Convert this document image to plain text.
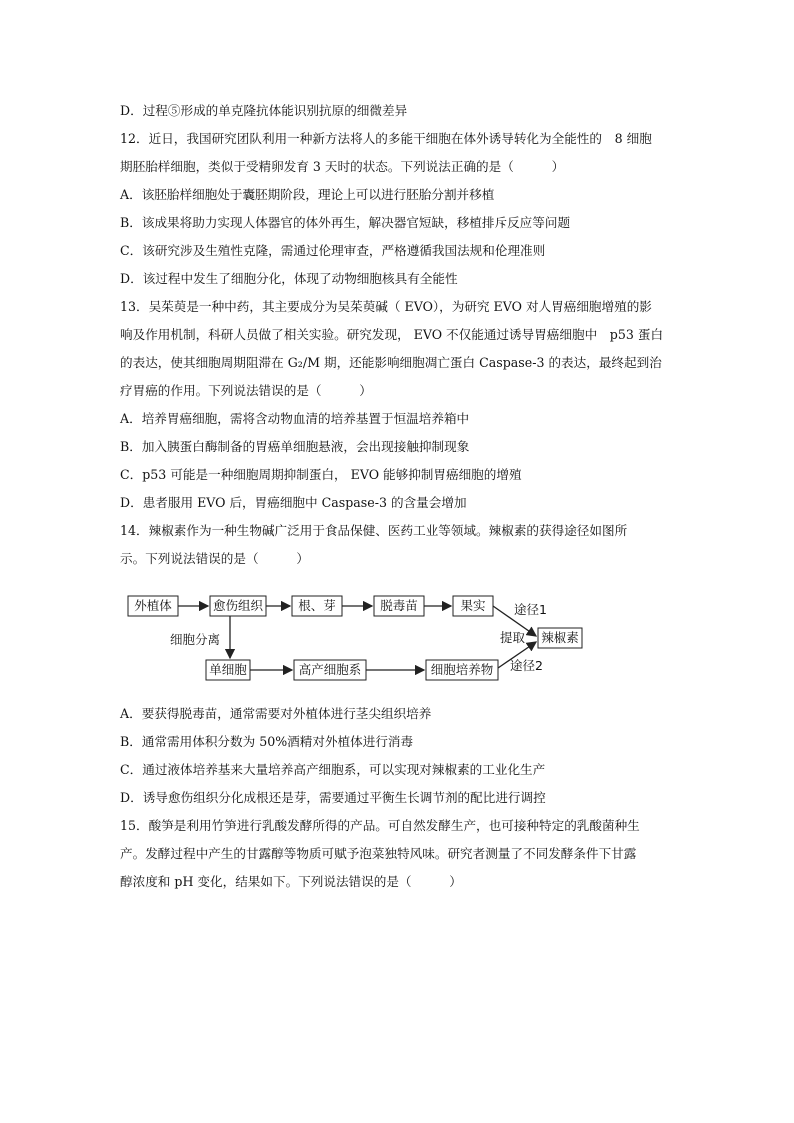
D．过程⑤形成的单克隆抗体能识别抗原的细微差异
12．近日，我国研究团队利用一种新方法将人的多能干细胞在体外诱导转化为全能性的　8 细胞
期胚胎样细胞，类似于受精卵发育 3 天时的状态。下列说法正确的是（　　　）
A．该胚胎样细胞处于囊胚期阶段，理论上可以进行胚胎分割并移植
B．该成果将助力实现人体器官的体外再生，解决器官短缺，移植排斥反应等问题
C．该研究涉及生殖性克隆，需通过伦理审查，严格遵循我国法规和伦理准则
D．该过程中发生了细胞分化，体现了动物细胞核具有全能性
13．吴茱萸是一种中药，其主要成分为吴茱萸碱（ EVO），为研究 EVO 对人胃癌细胞增殖的影
响及作用机制，科研人员做了相关实验。研究发现， EVO 不仅能通过诱导胃癌细胞中　p53 蛋白
的表达，使其细胞周期阻滞在 G₂/M 期，还能影响细胞凋亡蛋白 Caspase-3 的表达，最终起到治
疗胃癌的作用。下列说法错误的是（　　　）
A．培养胃癌细胞，需将含动物血清的培养基置于恒温培养箱中
B．加入胰蛋白酶制备的胃癌单细胞悬液，会出现接触抑制现象
C．p53 可能是一种细胞周期抑制蛋白， EVO 能够抑制胃癌细胞的增殖
D．患者服用 EVO 后，胃癌细胞中 Caspase-3 的含量会增加
14．辣椒素作为一种生物碱广泛用于食品保健、医药工业等领域。辣椒素的获得途径如图所
示。下列说法错误的是（　　　）
外植体	愈伤组织	根、芽	脱毒苗	果实
单细胞	高产细胞系	细胞培养物
辣椒素
细胞分离	提取
途径1
途径2
A．要获得脱毒苗，通常需要对外植体进行茎尖组织培养
B．通常需用体积分数为 50%酒精对外植体进行消毒
C．通过液体培养基来大量培养高产细胞系，可以实现对辣椒素的工业化生产
D．诱导愈伤组织分化成根还是芽，需要通过平衡生长调节剂的配比进行调控
15．酸笋是利用竹笋进行乳酸发酵所得的产品。可自然发酵生产，也可接种特定的乳酸菌种生
产。发酵过程中产生的甘露醇等物质可赋予泡菜独特风味。研究者测量了不同发酵条件下甘露
醇浓度和 pH 变化，结果如下。下列说法错误的是（　　　）
